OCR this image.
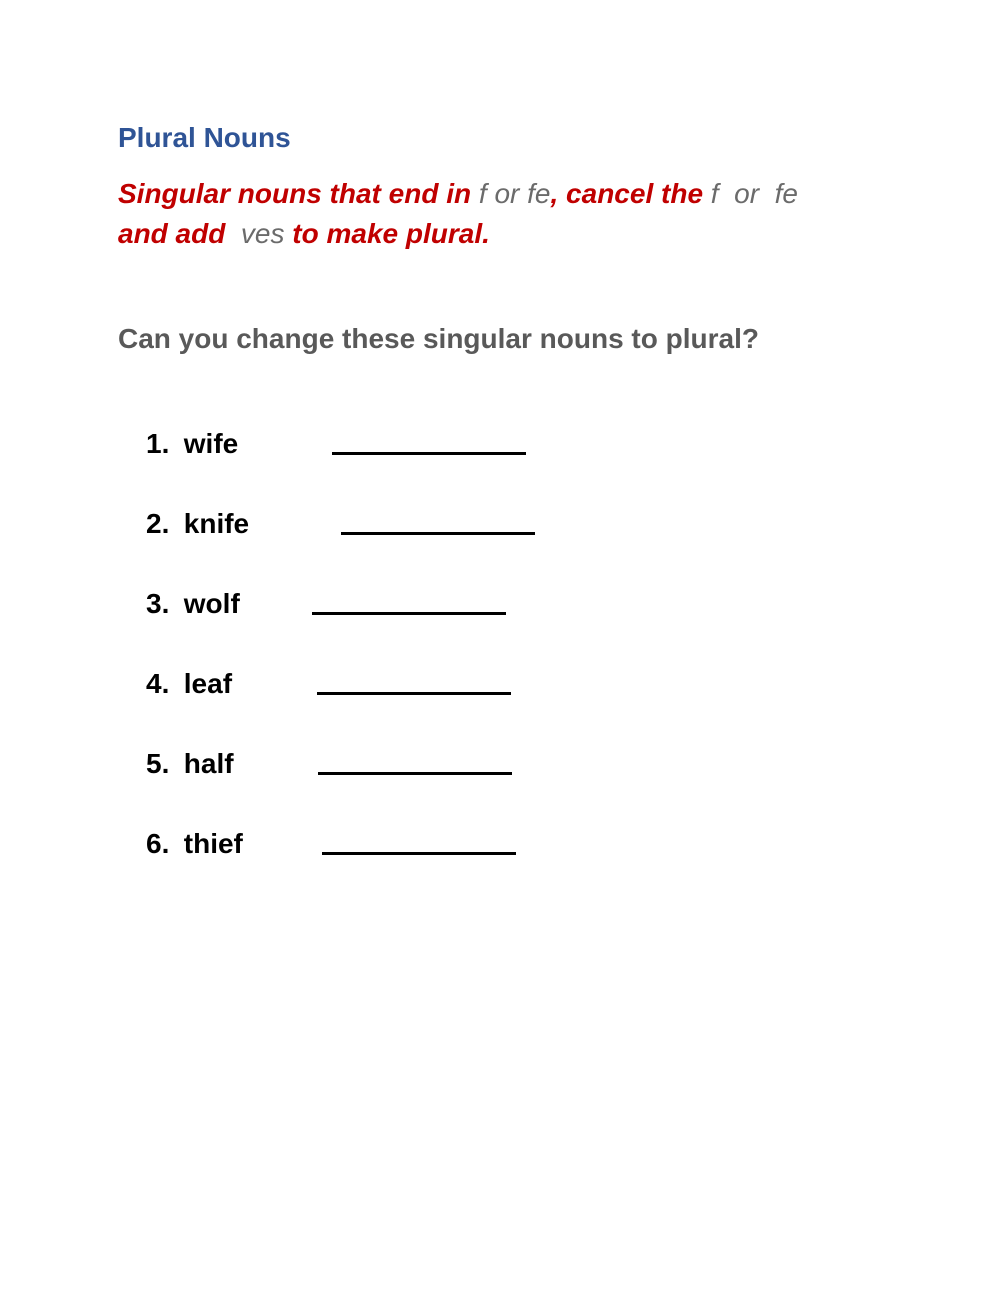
Plural Nouns

Singular nouns that end in f or fe, cancel the f or fe
and add ves to make plural.

Can you change these singular nouns to plural?

1. wife
2. knife
3. wolf
4. leaf
5. half
6. thief
